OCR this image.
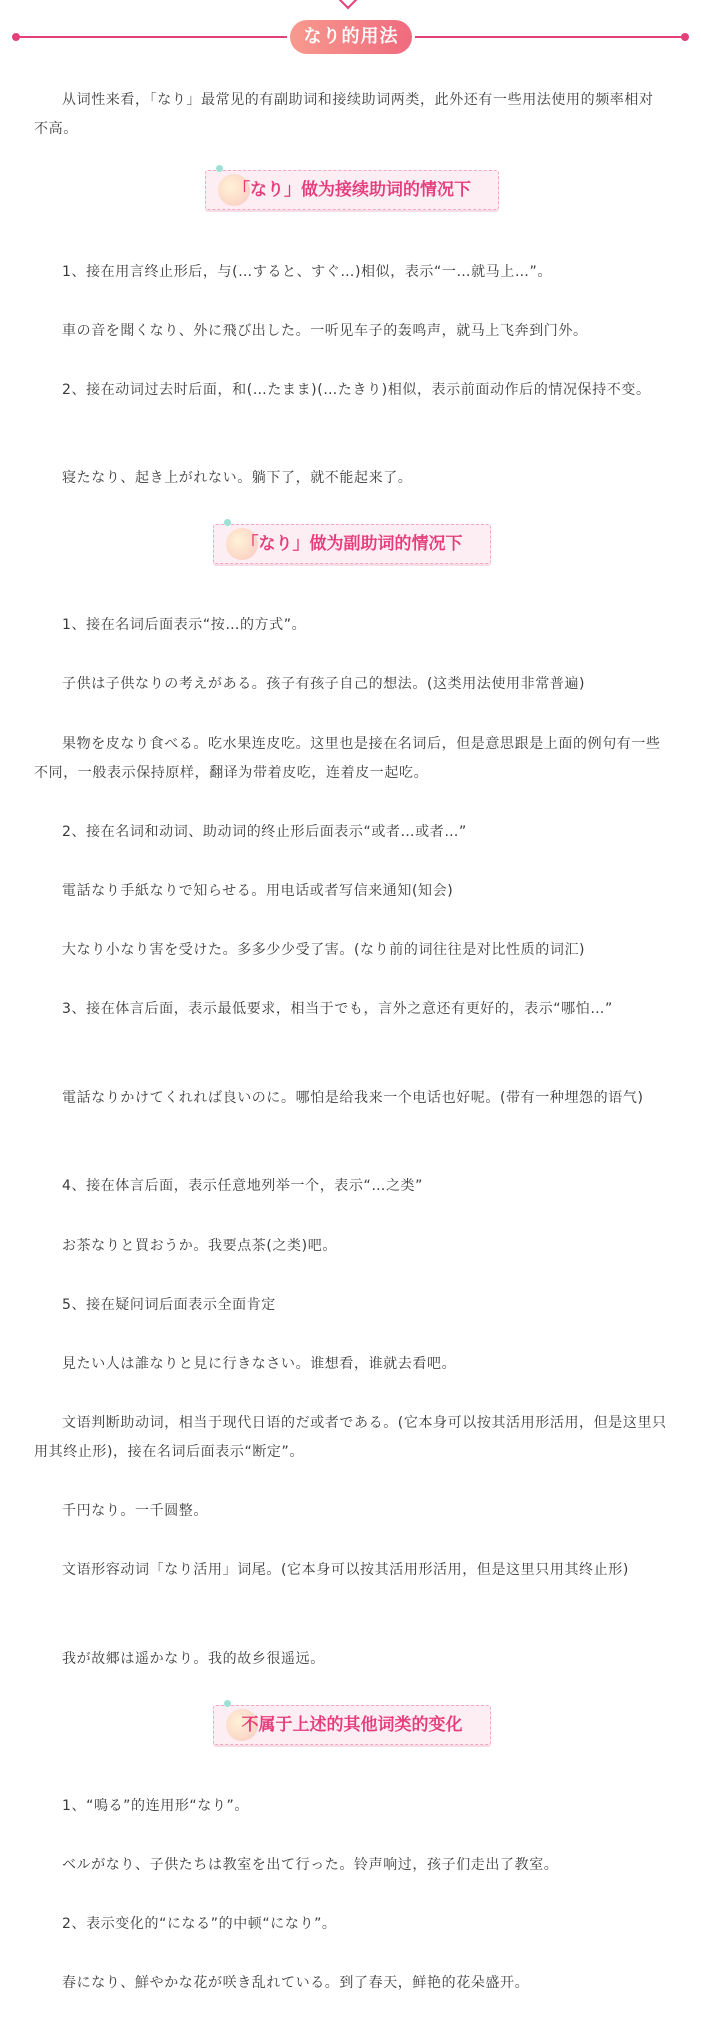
なり的用法

从词性来看，「なり」最常见的有副助词和接续助词两类，此外还有一些用法使用的频率相对不高。

「なり」做为接续助词的情况下

1、接在用言终止形后，与(…すると、すぐ…)相似，表示“一…就马上…”。

車の音を聞くなり、外に飛び出した。一听见车子的轰鸣声，就马上飞奔到门外。

2、接在动词过去时后面，和(…たまま)(…たきり)相似，表示前面动作后的情况保持不变。

寝たなり、起き上がれない。躺下了，就不能起来了。

「なり」做为副助词的情况下

1、接在名词后面表示“按…的方式”。

子供は子供なりの考えがある。孩子有孩子自己的想法。(这类用法使用非常普遍)

果物を皮なり食べる。吃水果连皮吃。这里也是接在名词后，但是意思跟是上面的例句有一些不同，一般表示保持原样，翻译为带着皮吃，连着皮一起吃。

2、接在名词和动词、助动词的终止形后面表示“或者…或者…”

電話なり手紙なりで知らせる。用电话或者写信来通知(知会)

大なり小なり害を受けた。多多少少受了害。(なり前的词往往是对比性质的词汇)

3、接在体言后面，表示最低要求，相当于でも，言外之意还有更好的，表示“哪怕…”

電話なりかけてくれれば良いのに。哪怕是给我来一个电话也好呢。(带有一种埋怨的语气)

4、接在体言后面，表示任意地列举一个，表示“…之类”

お茶なりと買おうか。我要点茶(之类)吧。

5、接在疑问词后面表示全面肯定

見たい人は誰なりと見に行きなさい。谁想看，谁就去看吧。

文语判断助动词，相当于现代日语的だ或者である。(它本身可以按其活用形活用，但是这里只用其终止形)，接在名词后面表示“断定”。

千円なり。一千圆整。

文语形容动词「なり活用」词尾。(它本身可以按其活用形活用，但是这里只用其终止形)

我が故郷は遥かなり。我的故乡很遥远。

不属于上述的其他词类的变化

1、“鳴る”的连用形“なり”。

ベルがなり、子供たちは教室を出て行った。铃声响过，孩子们走出了教室。

2、表示变化的“になる”的中顿“になり”。

春になり、鮮やかな花が咲き乱れている。到了春天，鲜艳的花朵盛开。
